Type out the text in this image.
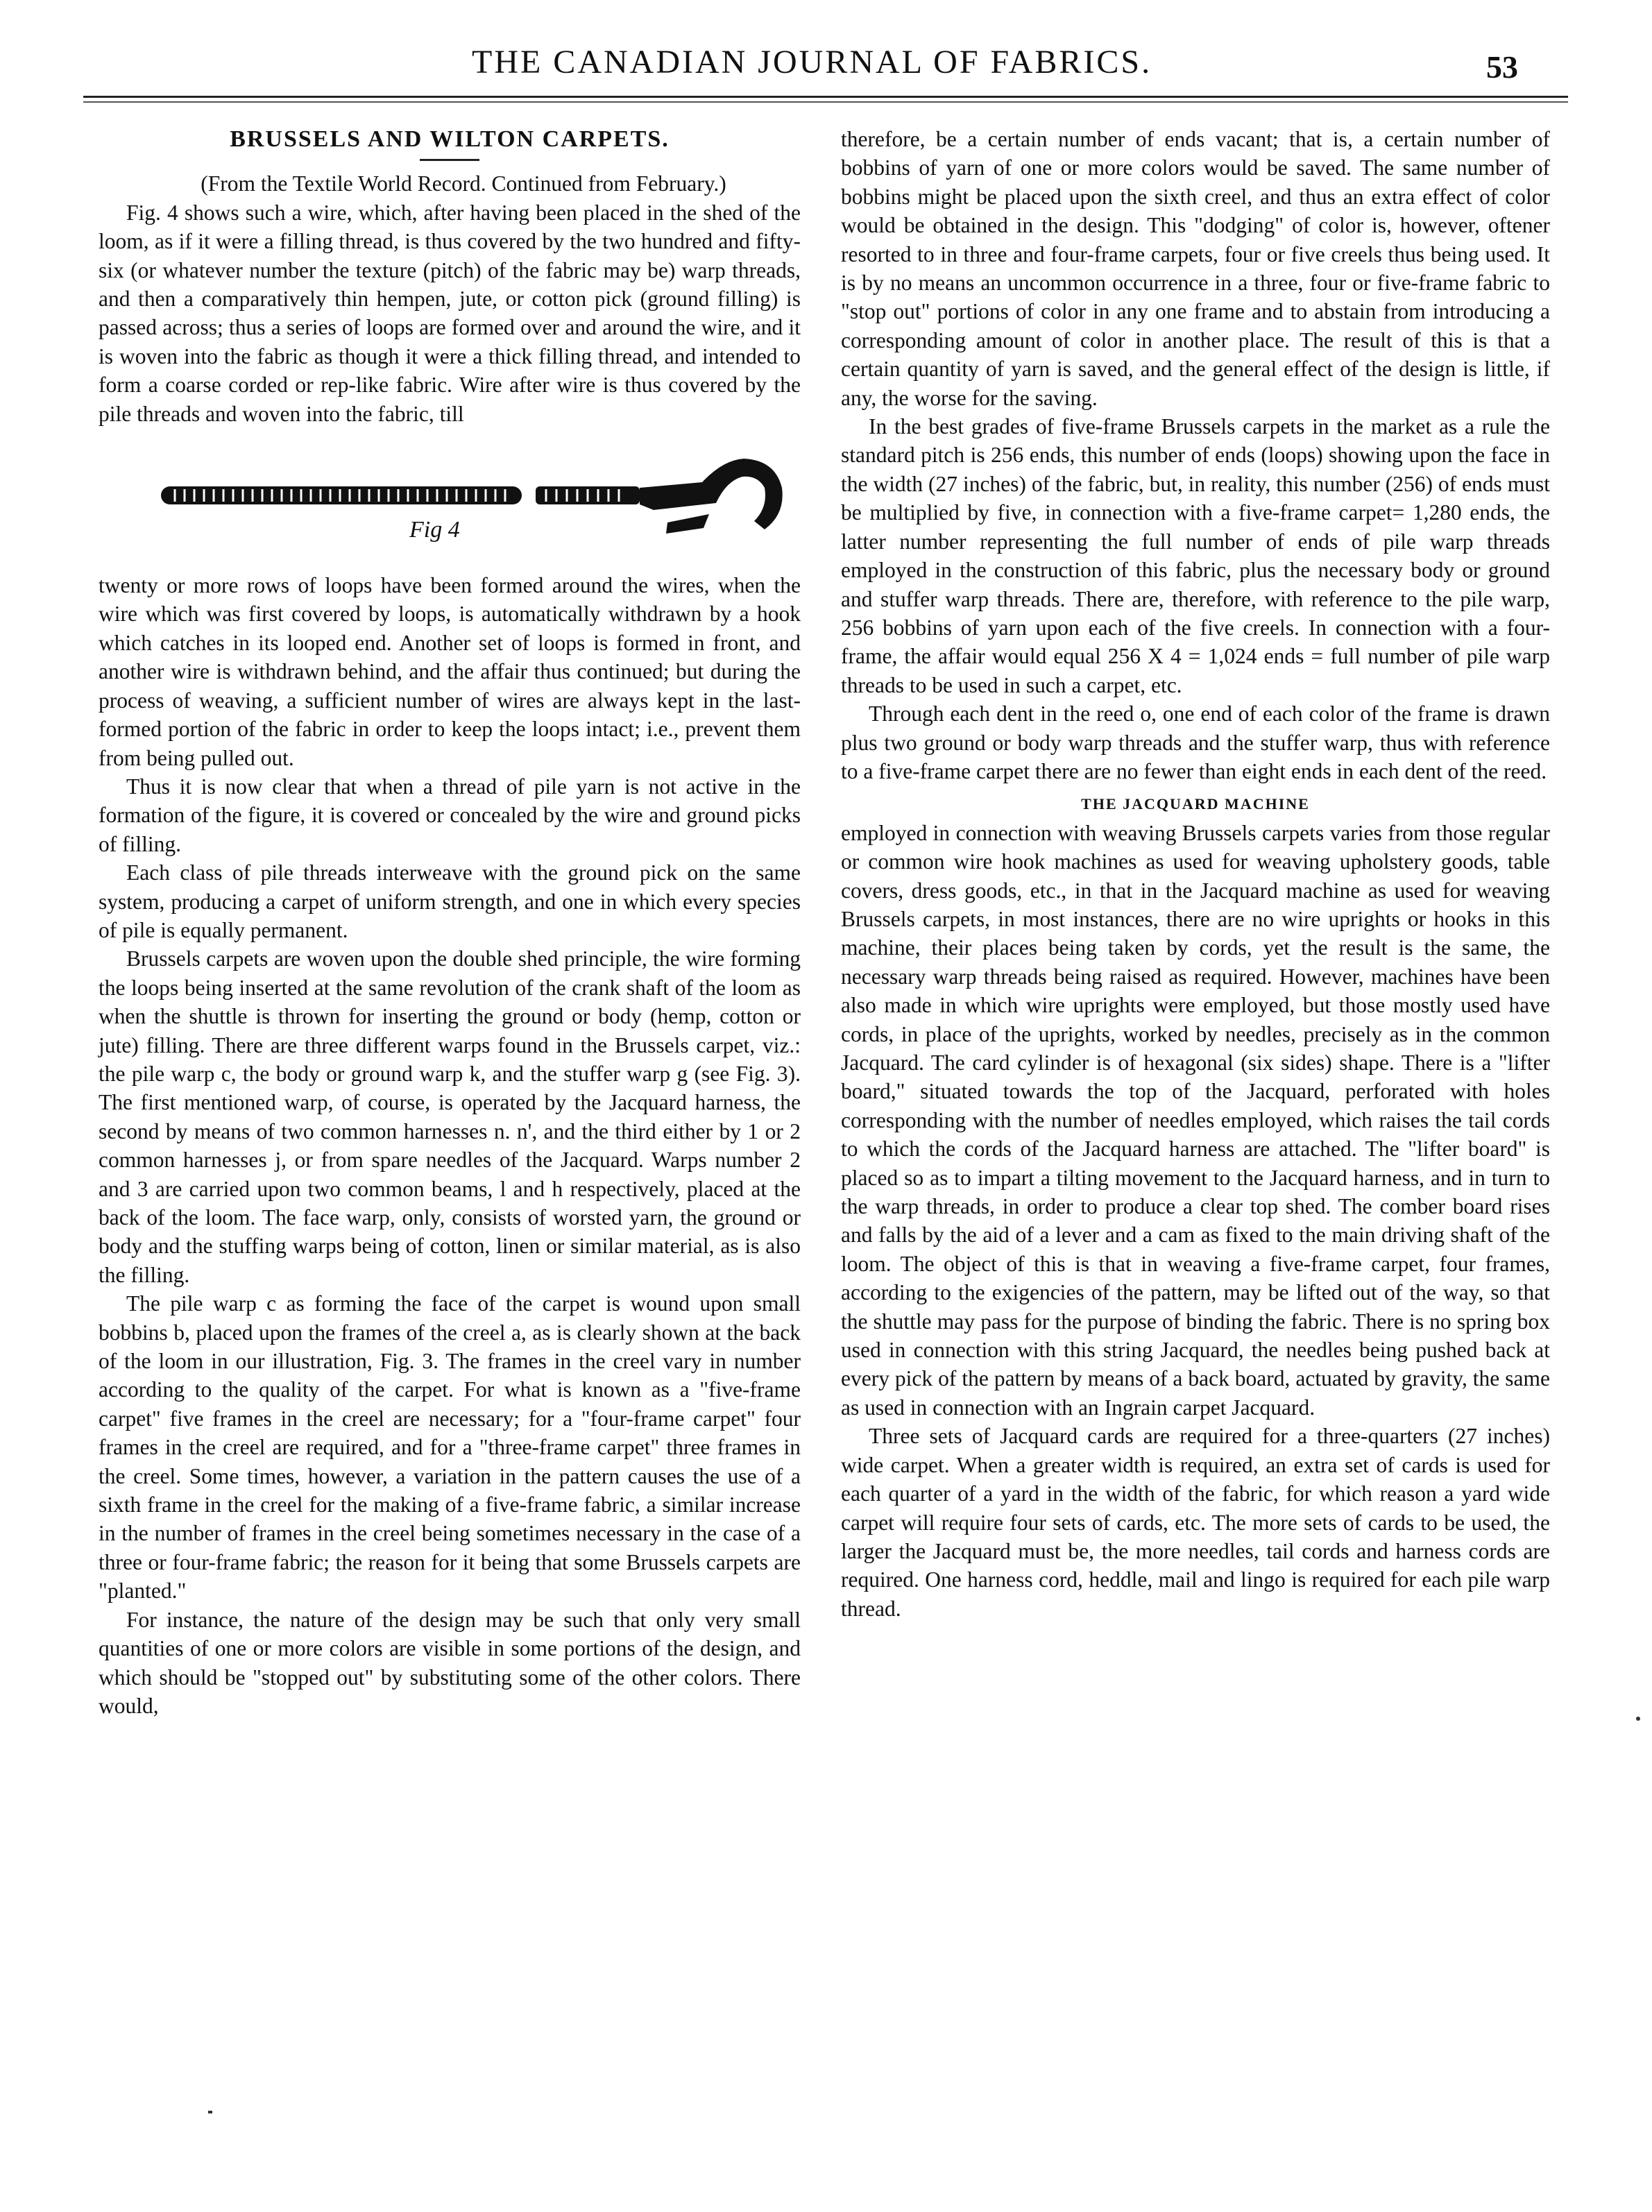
THE CANADIAN JOURNAL OF FABRICS.	53
BRUSSELS AND WILTON CARPETS.

(From the Textile World Record. Continued from February.)

Fig. 4 shows such a wire, which, after having been placed in the shed of the loom, as if it were a filling thread, is thus covered by the two hundred and fifty-six (or whatever number the texture (pitch) of the fabric may be) warp threads, and then a comparatively thin hempen, jute, or cotton pick (ground filling) is passed across; thus a series of loops are formed over and around the wire, and it is woven into the fabric as though it were a thick filling thread, and intended to form a coarse corded or rep-like fabric. Wire after wire is thus covered by the pile threads and woven into the fabric, till

Fig 4

twenty or more rows of loops have been formed around the wires, when the wire which was first covered by loops, is automatically withdrawn by a hook which catches in its looped end. Another set of loops is formed in front, and another wire is withdrawn behind, and the affair thus continued; but during the process of weaving, a sufficient number of wires are always kept in the last-formed portion of the fabric in order to keep the loops intact; i.e., prevent them from being pulled out.

Thus it is now clear that when a thread of pile yarn is not active in the formation of the figure, it is covered or concealed by the wire and ground picks of filling.

Each class of pile threads interweave with the ground pick on the same system, producing a carpet of uniform strength, and one in which every species of pile is equally permanent.

Brussels carpets are woven upon the double shed principle, the wire forming the loops being inserted at the same revolution of the crank shaft of the loom as when the shuttle is thrown for inserting the ground or body (hemp, cotton or jute) filling. There are three different warps found in the Brussels carpet, viz.: the pile warp c, the body or ground warp k, and the stuffer warp g (see Fig. 3). The first mentioned warp, of course, is operated by the Jacquard harness, the second by means of two common harnesses n. n', and the third either by 1 or 2 common harnesses j, or from spare needles of the Jacquard. Warps number 2 and 3 are carried upon two common beams, l and h respectively, placed at the back of the loom. The face warp, only, consists of worsted yarn, the ground or body and the stuffing warps being of cotton, linen or similar material, as is also the filling.

The pile warp c as forming the face of the carpet is wound upon small bobbins b, placed upon the frames of the creel a, as is clearly shown at the back of the loom in our illustration, Fig. 3. The frames in the creel vary in number according to the quality of the carpet. For what is known as a "five-frame carpet" five frames in the creel are necessary; for a "four-frame carpet" four frames in the creel are required, and for a "three-frame carpet" three frames in the creel. Some times, however, a variation in the pattern causes the use of a sixth frame in the creel for the making of a five-frame fabric, a similar increase in the number of frames in the creel being sometimes necessary in the case of a three or four-frame fabric; the reason for it being that some Brussels carpets are "planted."

For instance, the nature of the design may be such that only very small quantities of one or more colors are visible in some portions of the design, and which should be "stopped out" by substituting some of the other colors. There would,

therefore, be a certain number of ends vacant; that is, a certain number of bobbins of yarn of one or more colors would be saved. The same number of bobbins might be placed upon the sixth creel, and thus an extra effect of color would be obtained in the design. This "dodging" of color is, however, oftener resorted to in three and four-frame carpets, four or five creels thus being used. It is by no means an uncommon occurrence in a three, four or five-frame fabric to "stop out" portions of color in any one frame and to abstain from introducing a corresponding amount of color in another place. The result of this is that a certain quantity of yarn is saved, and the general effect of the design is little, if any, the worse for the saving.

In the best grades of five-frame Brussels carpets in the market as a rule the standard pitch is 256 ends, this number of ends (loops) showing upon the face in the width (27 inches) of the fabric, but, in reality, this number (256) of ends must be multiplied by five, in connection with a five-frame carpet= 1,280 ends, the latter number representing the full number of ends of pile warp threads employed in the construction of this fabric, plus the necessary body or ground and stuffer warp threads. There are, therefore, with reference to the pile warp, 256 bobbins of yarn upon each of the five creels. In connection with a four-frame, the affair would equal 256 X 4 = 1,024 ends = full number of pile warp threads to be used in such a carpet, etc.

Through each dent in the reed o, one end of each color of the frame is drawn plus two ground or body warp threads and the stuffer warp, thus with reference to a five-frame carpet there are no fewer than eight ends in each dent of the reed.

THE JACQUARD MACHINE

employed in connection with weaving Brussels carpets varies from those regular or common wire hook machines as used for weaving upholstery goods, table covers, dress goods, etc., in that in the Jacquard machine as used for weaving Brussels carpets, in most instances, there are no wire uprights or hooks in this machine, their places being taken by cords, yet the result is the same, the necessary warp threads being raised as required. However, machines have been also made in which wire uprights were employed, but those mostly used have cords, in place of the uprights, worked by needles, precisely as in the common Jacquard. The card cylinder is of hexagonal (six sides) shape. There is a "lifter board," situated towards the top of the Jacquard, perforated with holes corresponding with the number of needles employed, which raises the tail cords to which the cords of the Jacquard harness are attached. The "lifter board" is placed so as to impart a tilting movement to the Jacquard harness, and in turn to the warp threads, in order to produce a clear top shed. The comber board rises and falls by the aid of a lever and a cam as fixed to the main driving shaft of the loom. The object of this is that in weaving a five-frame carpet, four frames, according to the exigencies of the pattern, may be lifted out of the way, so that the shuttle may pass for the purpose of binding the fabric. There is no spring box used in connection with this string Jacquard, the needles being pushed back at every pick of the pattern by means of a back board, actuated by gravity, the same as used in connection with an Ingrain carpet Jacquard.

Three sets of Jacquard cards are required for a three-quarters (27 inches) wide carpet. When a greater width is required, an extra set of cards is used for each quarter of a yard in the width of the fabric, for which reason a yard wide carpet will require four sets of cards, etc. The more sets of cards to be used, the larger the Jacquard must be, the more needles, tail cords and harness cords are required. One harness cord, heddle, mail and lingo is required for each pile warp thread.
